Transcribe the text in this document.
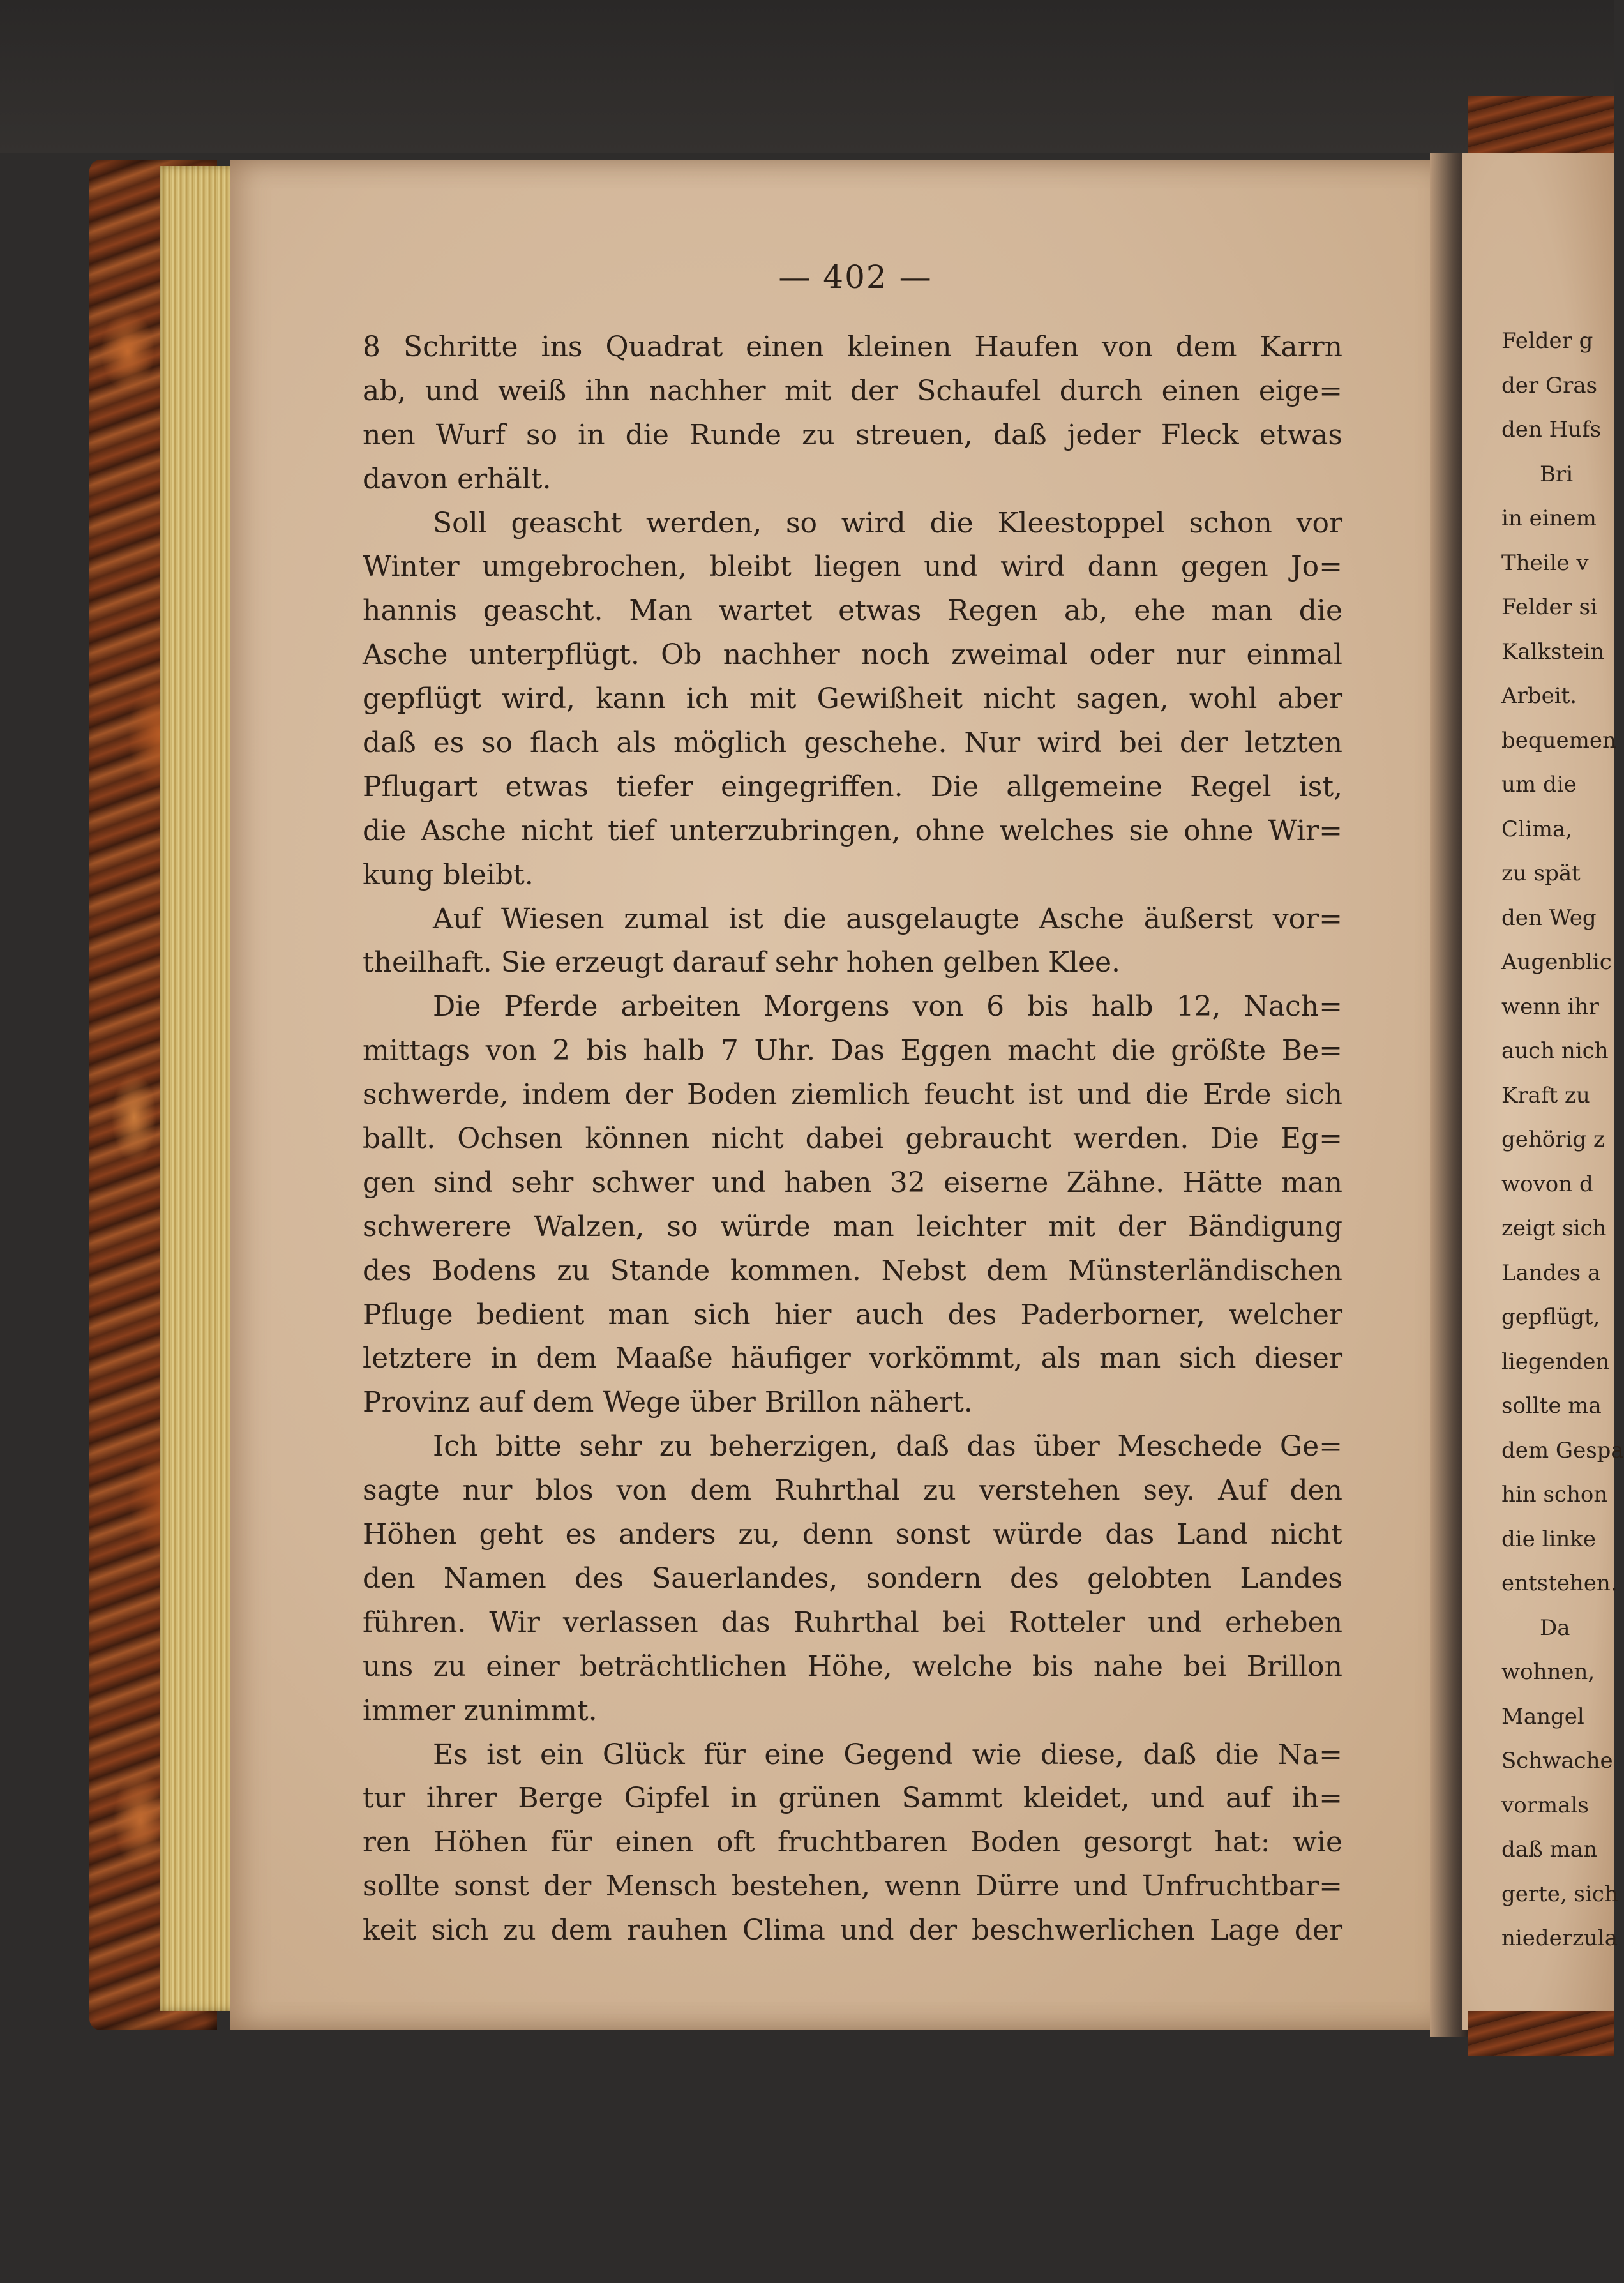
— 402 —
8 Schritte ins Quadrat einen kleinen Haufen von dem Karrn
ab, und weiß ihn nachher mit der Schaufel durch einen eige=
nen Wurf so in die Runde zu streuen, daß jeder Fleck etwas
davon erhält.
Soll geascht werden, so wird die Kleestoppel schon vor
Winter umgebrochen, bleibt liegen und wird dann gegen Jo=
hannis geascht. Man wartet etwas Regen ab, ehe man die
Asche unterpflügt. Ob nachher noch zweimal oder nur einmal
gepflügt wird, kann ich mit Gewißheit nicht sagen, wohl aber
daß es so flach als möglich geschehe. Nur wird bei der letzten
Pflugart etwas tiefer eingegriffen. Die allgemeine Regel ist,
die Asche nicht tief unterzubringen, ohne welches sie ohne Wir=
kung bleibt.
Auf Wiesen zumal ist die ausgelaugte Asche äußerst vor=
theilhaft. Sie erzeugt darauf sehr hohen gelben Klee.
Die Pferde arbeiten Morgens von 6 bis halb 12, Nach=
mittags von 2 bis halb 7 Uhr. Das Eggen macht die größte Be=
schwerde, indem der Boden ziemlich feucht ist und die Erde sich
ballt. Ochsen können nicht dabei gebraucht werden. Die Eg=
gen sind sehr schwer und haben 32 eiserne Zähne. Hätte man
schwerere Walzen, so würde man leichter mit der Bändigung
des Bodens zu Stande kommen. Nebst dem Münsterländischen
Pfluge bedient man sich hier auch des Paderborner, welcher
letztere in dem Maaße häufiger vorkömmt, als man sich dieser
Provinz auf dem Wege über Brillon nähert.
Ich bitte sehr zu beherzigen, daß das über Meschede Ge=
sagte nur blos von dem Ruhrthal zu verstehen sey. Auf den
Höhen geht es anders zu, denn sonst würde das Land nicht
den Namen des Sauerlandes, sondern des gelobten Landes
führen. Wir verlassen das Ruhrthal bei Rotteler und erheben
uns zu einer beträchtlichen Höhe, welche bis nahe bei Brillon
immer zunimmt.
Es ist ein Glück für eine Gegend wie diese, daß die Na=
tur ihrer Berge Gipfel in grünen Sammt kleidet, und auf ih=
ren Höhen für einen oft fruchtbaren Boden gesorgt hat: wie
sollte sonst der Mensch bestehen, wenn Dürre und Unfruchtbar=
keit sich zu dem rauhen Clima und der beschwerlichen Lage der
Felder g
der Gras
den Hufs
Bri
in einem
Theile v
Felder si
Kalkstein
Arbeit.
bequemen
um die
Clima,
zu spät
den Weg
Augenblic
wenn ihr
auch nich
Kraft zu
gehörig z
wovon d
zeigt sich
Landes a
gepflügt,
liegenden
sollte ma
dem Gespa
hin schon
die linke
entstehen.
Da
wohnen,
Mangel
Schwache
vormals
daß man
gerte, sich
niederzula
